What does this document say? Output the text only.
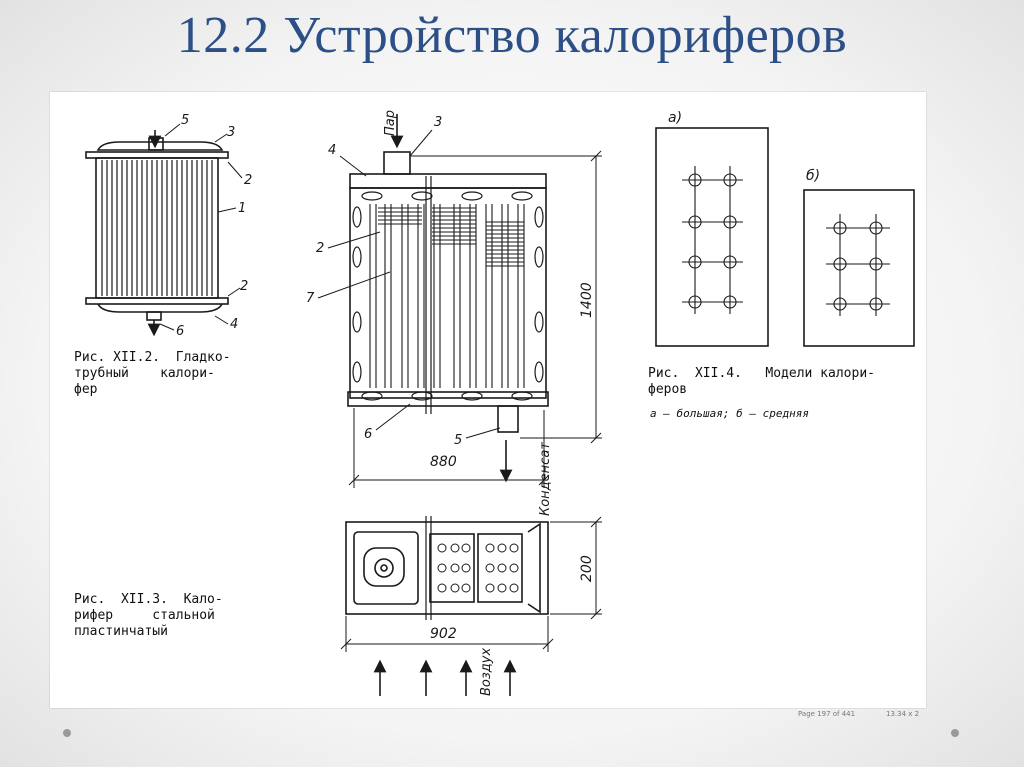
12.2 Устройство калориферов
5
3
2
1
2
4
6
3
4
2
7
6	5
а)
б)
880
902
1400
200
Пар
Конденсат
Воздух
Рис. XII.2.  Гладко-
трубный    калори-
фер
Рис.  XII.3.  Кало-
рифер     стальной
пластинчатый
Рис.  XII.4.   Модели калори-
феров
а — большая; б — средняя
Page 197 of 441	13.34 x 2
